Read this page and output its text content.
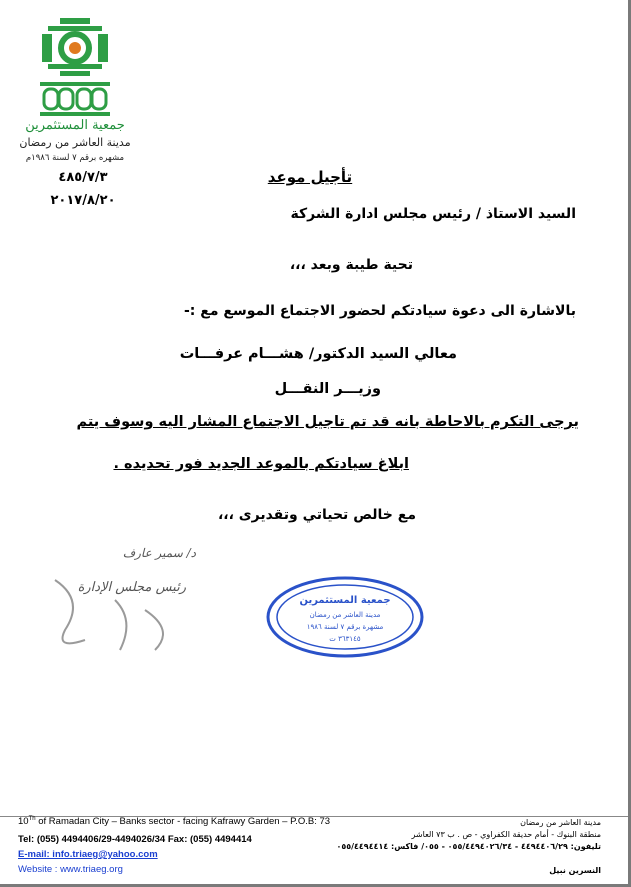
جمعية المستثمرين
مدينة العاشر من رمضان
مشهره برقم ٧ لسنة ١٩٨٦م
٤٨٥/٧/٣
٢٠١٧/٨/٢٠
تأجيل موعد
السيد الاستاذ / رئيس مجلس ادارة الشركة
تحية طيبة وبعد ،،،
بالاشارة الى دعوة سيادتكم لحضور الاجتماع الموسع مع :-
معالي السيد الدكتور/ هشـــام عرفـــات
وزيـــر النقـــل
يرجى التكرم بالاحاطة بانه قد تم تاجيل الاجتماع المشار اليه وسوف يتم
ابلاغ سيادتكم بالموعد الجديد فور تحديده .
مع خالص تحياتي وتقديرى ،،،
د/ سمير عارف
رئيس مجلس الإدارة
جمعية المستثمرين
مدينة العاشر من رمضان
مشهرة برقم ٧ لسنة ١٩٨٦
٣٦٣١٤٥ ت
10Th of Ramadan City – Banks sector - facing Kafrawy Garden – P.O.B: 73
Tel: (055) 4494406/29-4494026/34 Fax: (055) 4494414
E-mail: info.triaeg@yahoo.com
Website : www.triaeg.org
مدينة العاشر من رمضان
منطقة البنوك - أمام حديقة الكفراوي - ص . ب ٧٣ العاشر
تليفون: ٤٤٩٤٤٠٦/٢٩ - ٠٥٥/٤٤٩٤٠٢٦/٣٤ - ٠٥٥/ فاكس: ٠٥٥/٤٤٩٤٤١٤
النسرين نبيل
